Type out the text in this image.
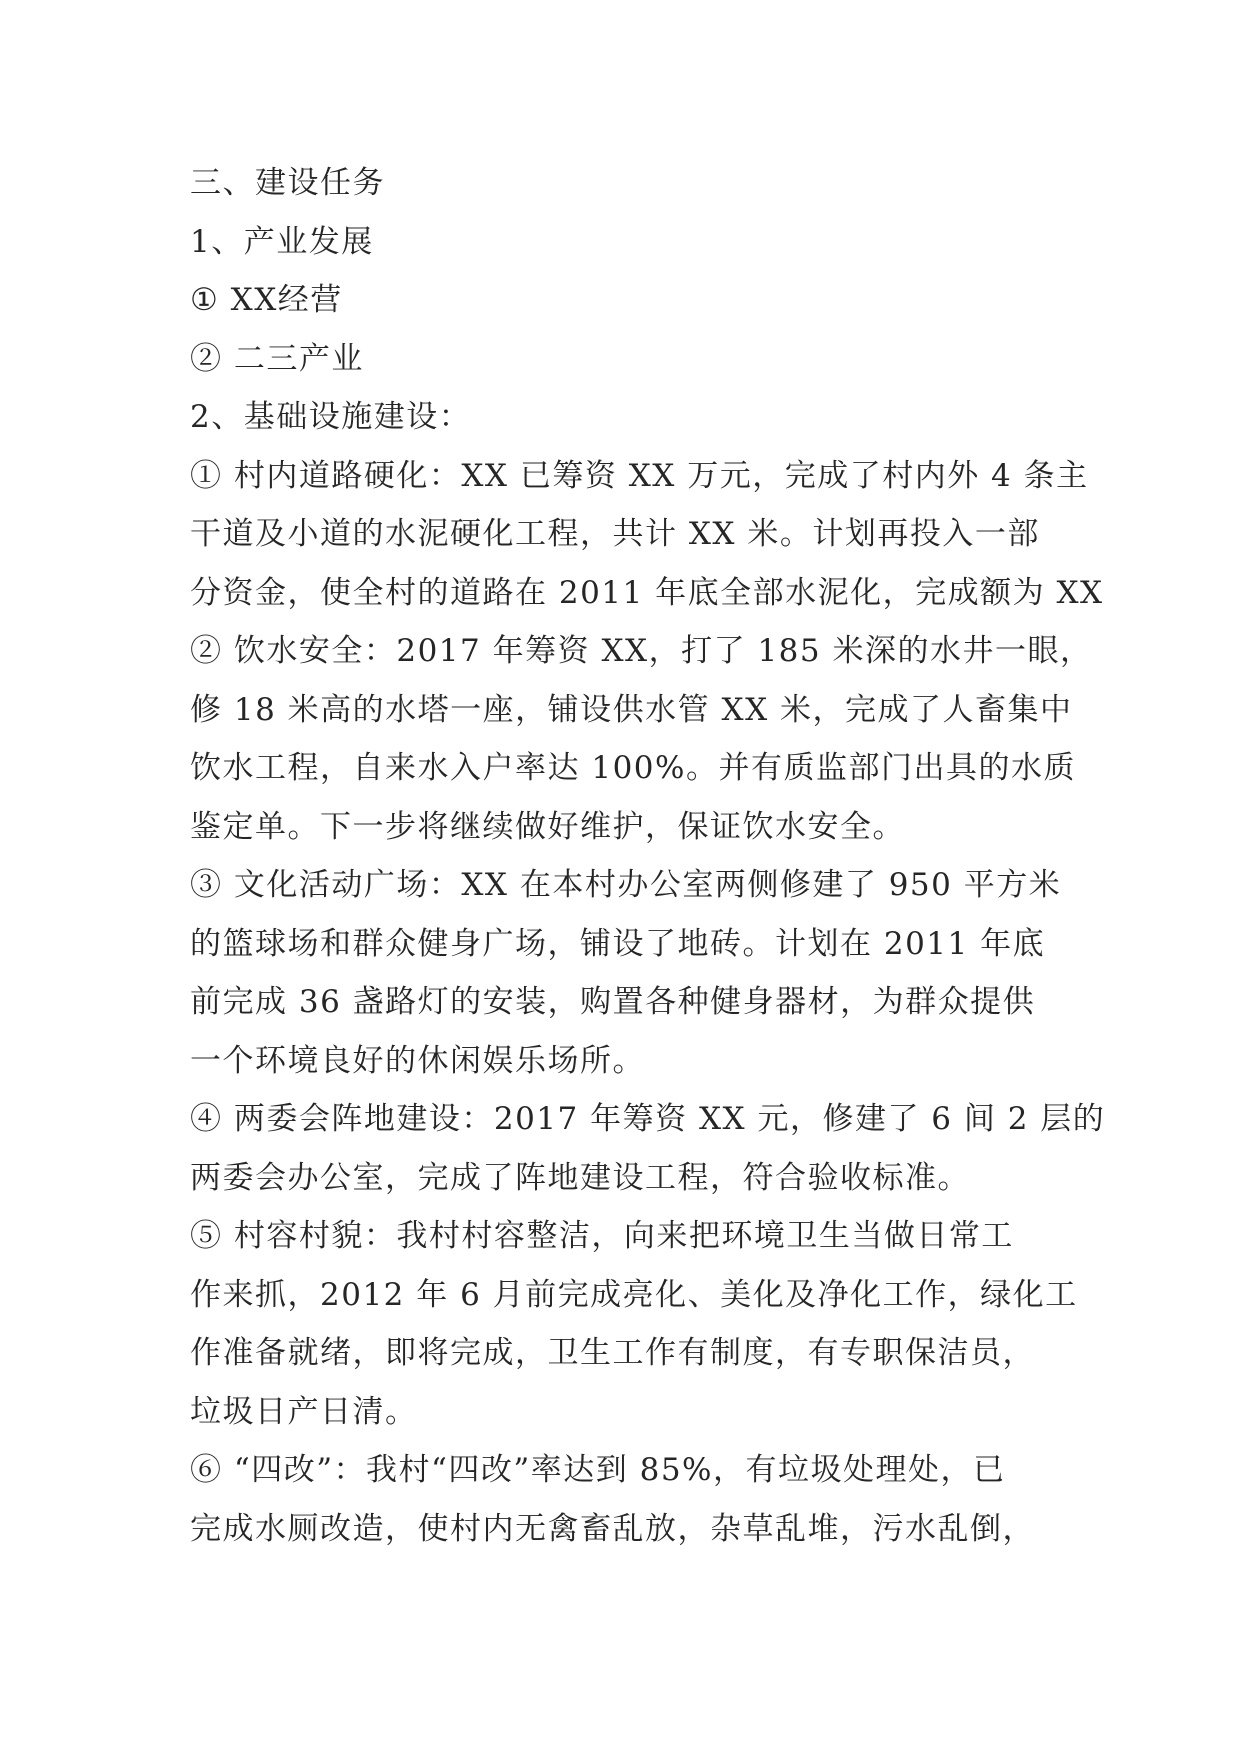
三、建设任务
1、产业发展
① XX经营
② 二三产业
2、基础设施建设：
① 村内道路硬化：XX 已筹资 XX 万元，完成了村内外 4 条主
干道及小道的水泥硬化工程，共计 XX 米。计划再投入一部
分资金，使全村的道路在 2011 年底全部水泥化，完成额为 XX
② 饮水安全：2017 年筹资 XX，打了 185 米深的水井一眼，
修 18 米高的水塔一座，铺设供水管 XX 米，完成了人畜集中
饮水工程，自来水入户率达 100%。并有质监部门出具的水质
鉴定单。下一步将继续做好维护，保证饮水安全。
③ 文化活动广场：XX 在本村办公室两侧修建了 950 平方米
的篮球场和群众健身广场，铺设了地砖。计划在 2011 年底
前完成 36 盏路灯的安装，购置各种健身器材，为群众提供
一个环境良好的休闲娱乐场所。
④ 两委会阵地建设：2017 年筹资 XX 元，修建了 6 间 2 层的
两委会办公室，完成了阵地建设工程，符合验收标准。
⑤ 村容村貌：我村村容整洁，向来把环境卫生当做日常工
作来抓，2012 年 6 月前完成亮化、美化及净化工作，绿化工
作准备就绪，即将完成，卫生工作有制度，有专职保洁员，
垃圾日产日清。
⑥ “四改”：我村“四改”率达到 85%，有垃圾处理处，已
完成水厕改造，使村内无禽畜乱放，杂草乱堆，污水乱倒，
